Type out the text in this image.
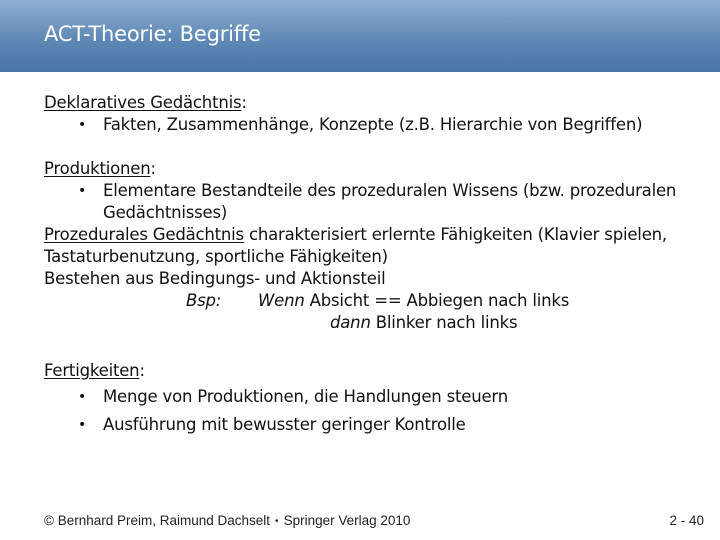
ACT-Theorie: Begriffe
Deklaratives Gedächtnis:
• Fakten, Zusammenhänge, Konzepte (z.B. Hierarchie von Begriffen)
Produktionen:
• Elementare Bestandteile des prozeduralen Wissens (bzw. prozeduralen Gedächtnisses)
Prozedurales Gedächtnis charakterisiert erlernte Fähigkeiten (Klavier spielen, Tastaturbenutzung, sportliche Fähigkeiten)
Bestehen aus Bedingungs- und Aktionsteil
Bsp: Wenn Absicht == Abbiegen nach links
dann Blinker nach links
Fertigkeiten:
• Menge von Produktionen, die Handlungen steuern
• Ausführung mit bewusster geringer Kontrolle
© Bernhard Preim, Raimund Dachselt • Springer Verlag 2010	2 - 40
